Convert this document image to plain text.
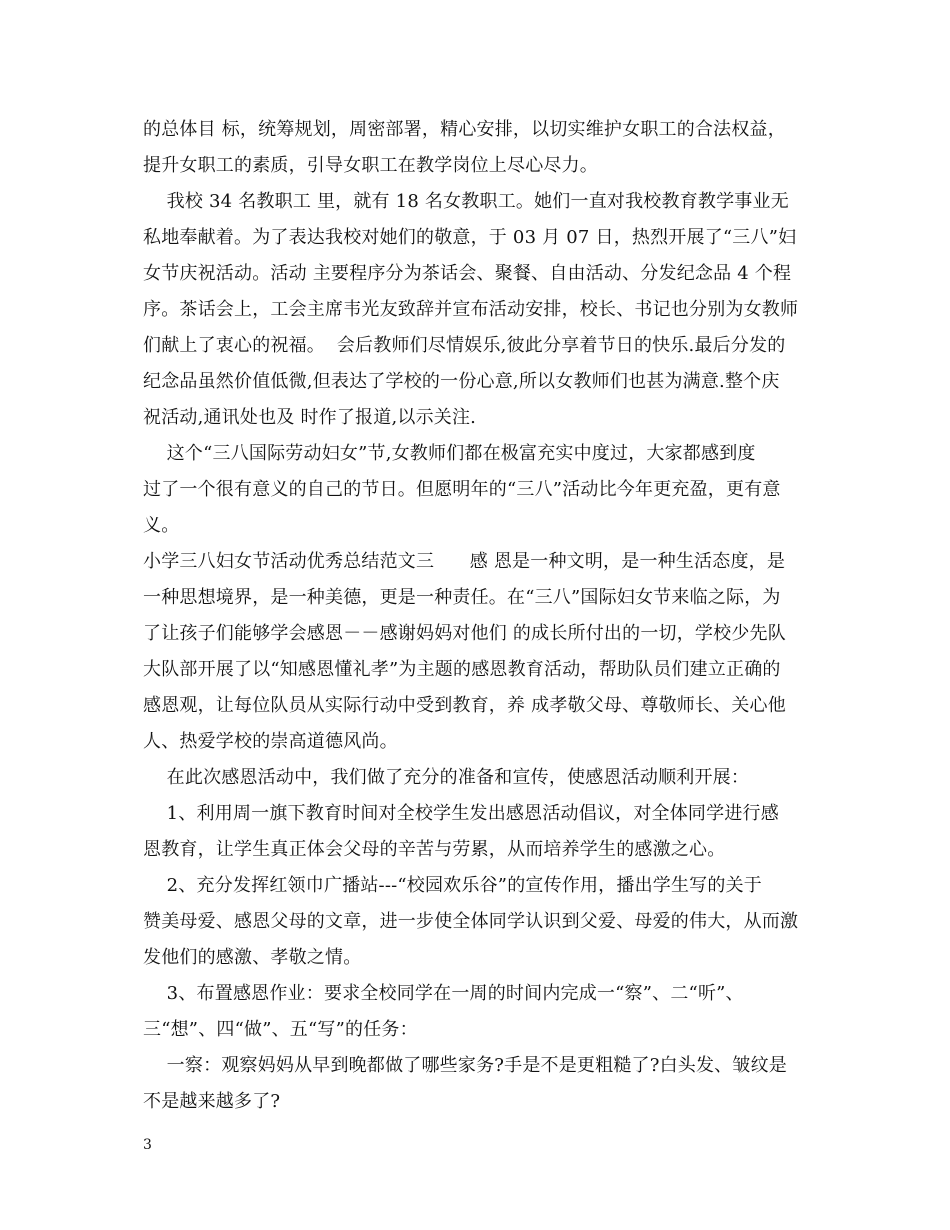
的总体目 标，统筹规划，周密部署，精心安排，以切实维护女职工的合法权益，
提升女职工的素质，引导女职工在教学岗位上尽心尽力。
我校 34 名教职工 里，就有 18 名女教职工。她们一直对我校教育教学事业无
私地奉献着。为了表达我校对她们的敬意，于 03 月 07 日，热烈开展了“三八”妇
女节庆祝活动。活动 主要程序分为茶话会、聚餐、自由活动、分发纪念品 4 个程
序。茶话会上，工会主席韦光友致辞并宣布活动安排，校长、书记也分别为女教师
们献上了衷心的祝福。  会后教师们尽情娱乐,彼此分享着节日的快乐.最后分发的
纪念品虽然价值低微,但表达了学校的一份心意,所以女教师们也甚为满意.整个庆
祝活动,通讯处也及 时作了报道,以示关注.
这个“三八国际劳动妇女”节,女教师们都在极富充实中度过，大家都感到度
过了一个很有意义的自己的节日。但愿明年的“三八”活动比今年更充盈，更有意
义。
小学三八妇女节活动优秀总结范文三      感 恩是一种文明，是一种生活态度，是
一种思想境界，是一种美德，更是一种责任。在“三八”国际妇女节来临之际，为
了让孩子们能够学会感恩－－感谢妈妈对他们 的成长所付出的一切，学校少先队
大队部开展了以“知感恩懂礼孝”为主题的感恩教育活动，帮助队员们建立正确的
感恩观，让每位队员从实际行动中受到教育，养 成孝敬父母、尊敬师长、关心他
人、热爱学校的崇高道德风尚。
在此次感恩活动中，我们做了充分的准备和宣传，使感恩活动顺利开展：
1、利用周一旗下教育时间对全校学生发出感恩活动倡议，对全体同学进行感
恩教育，让学生真正体会父母的辛苦与劳累，从而培养学生的感激之心。
2、充分发挥红领巾广播站---“校园欢乐谷”的宣传作用，播出学生写的关于
赞美母爱、感恩父母的文章，进一步使全体同学认识到父爱、母爱的伟大，从而激
发他们的感激、孝敬之情。
3、布置感恩作业：要求全校同学在一周的时间内完成一“察”、二“听”、
三“想”、四“做”、五“写”的任务：
一察：观察妈妈从早到晚都做了哪些家务?手是不是更粗糙了?白头发、皱纹是
不是越来越多了?
3
